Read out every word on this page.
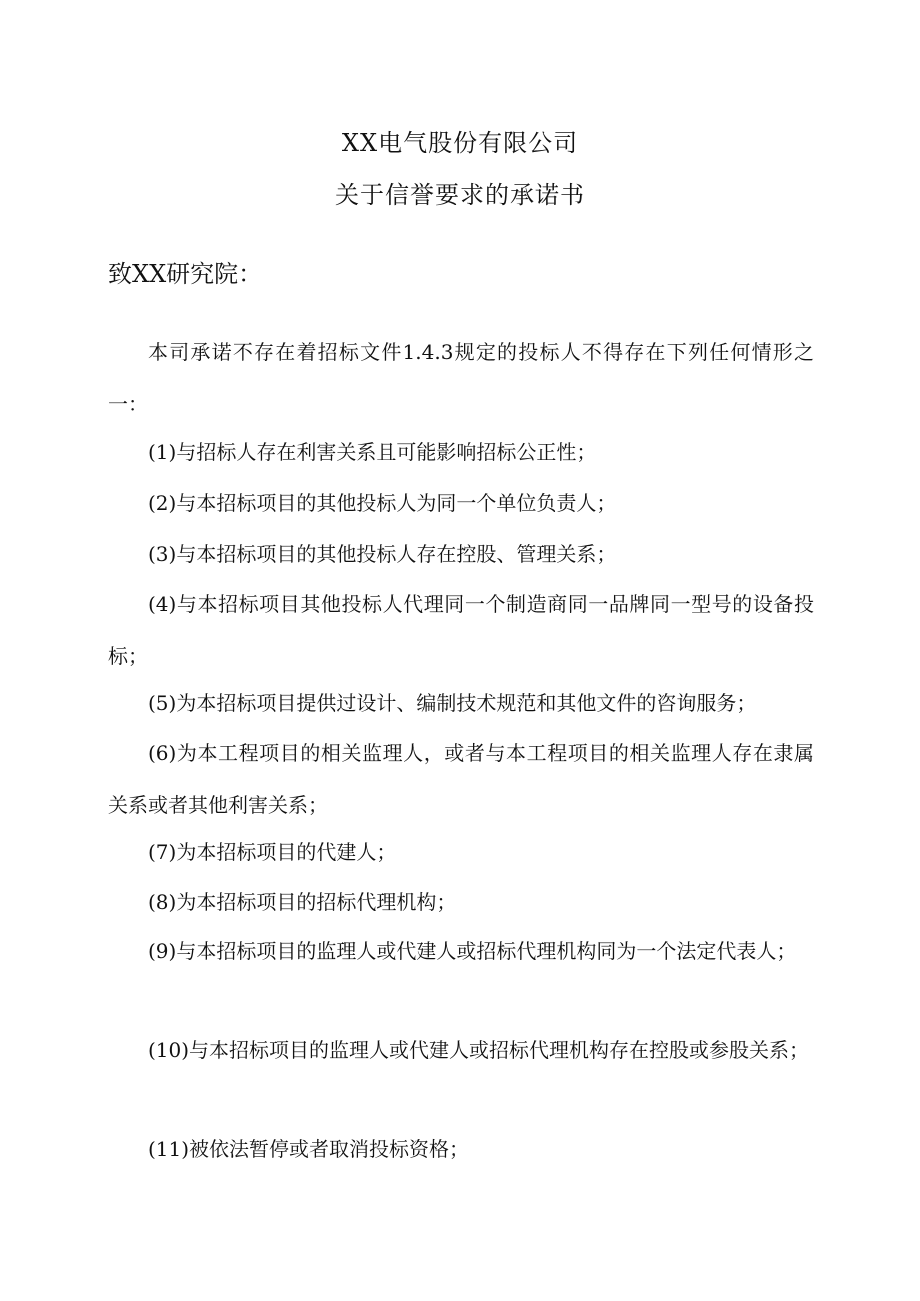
XX电气股份有限公司
关于信誉要求的承诺书
致XX研究院：

本司承诺不存在着招标文件1.4.3规定的投标人不得存在下列任何情形之一：

(1)与招标人存在利害关系且可能影响招标公正性；

(2)与本招标项目的其他投标人为同一个单位负责人；

(3)与本招标项目的其他投标人存在控股、管理关系；

(4)与本招标项目其他投标人代理同一个制造商同一品牌同一型号的设备投标；

(5)为本招标项目提供过设计、编制技术规范和其他文件的咨询服务；

(6)为本工程项目的相关监理人，或者与本工程项目的相关监理人存在隶属关系或者其他利害关系；

(7)为本招标项目的代建人；

(8)为本招标项目的招标代理机构；

(9)与本招标项目的监理人或代建人或招标代理机构同为一个法定代表人；

(10)与本招标项目的监理人或代建人或招标代理机构存在控股或参股关系；

(11)被依法暂停或者取消投标资格；
